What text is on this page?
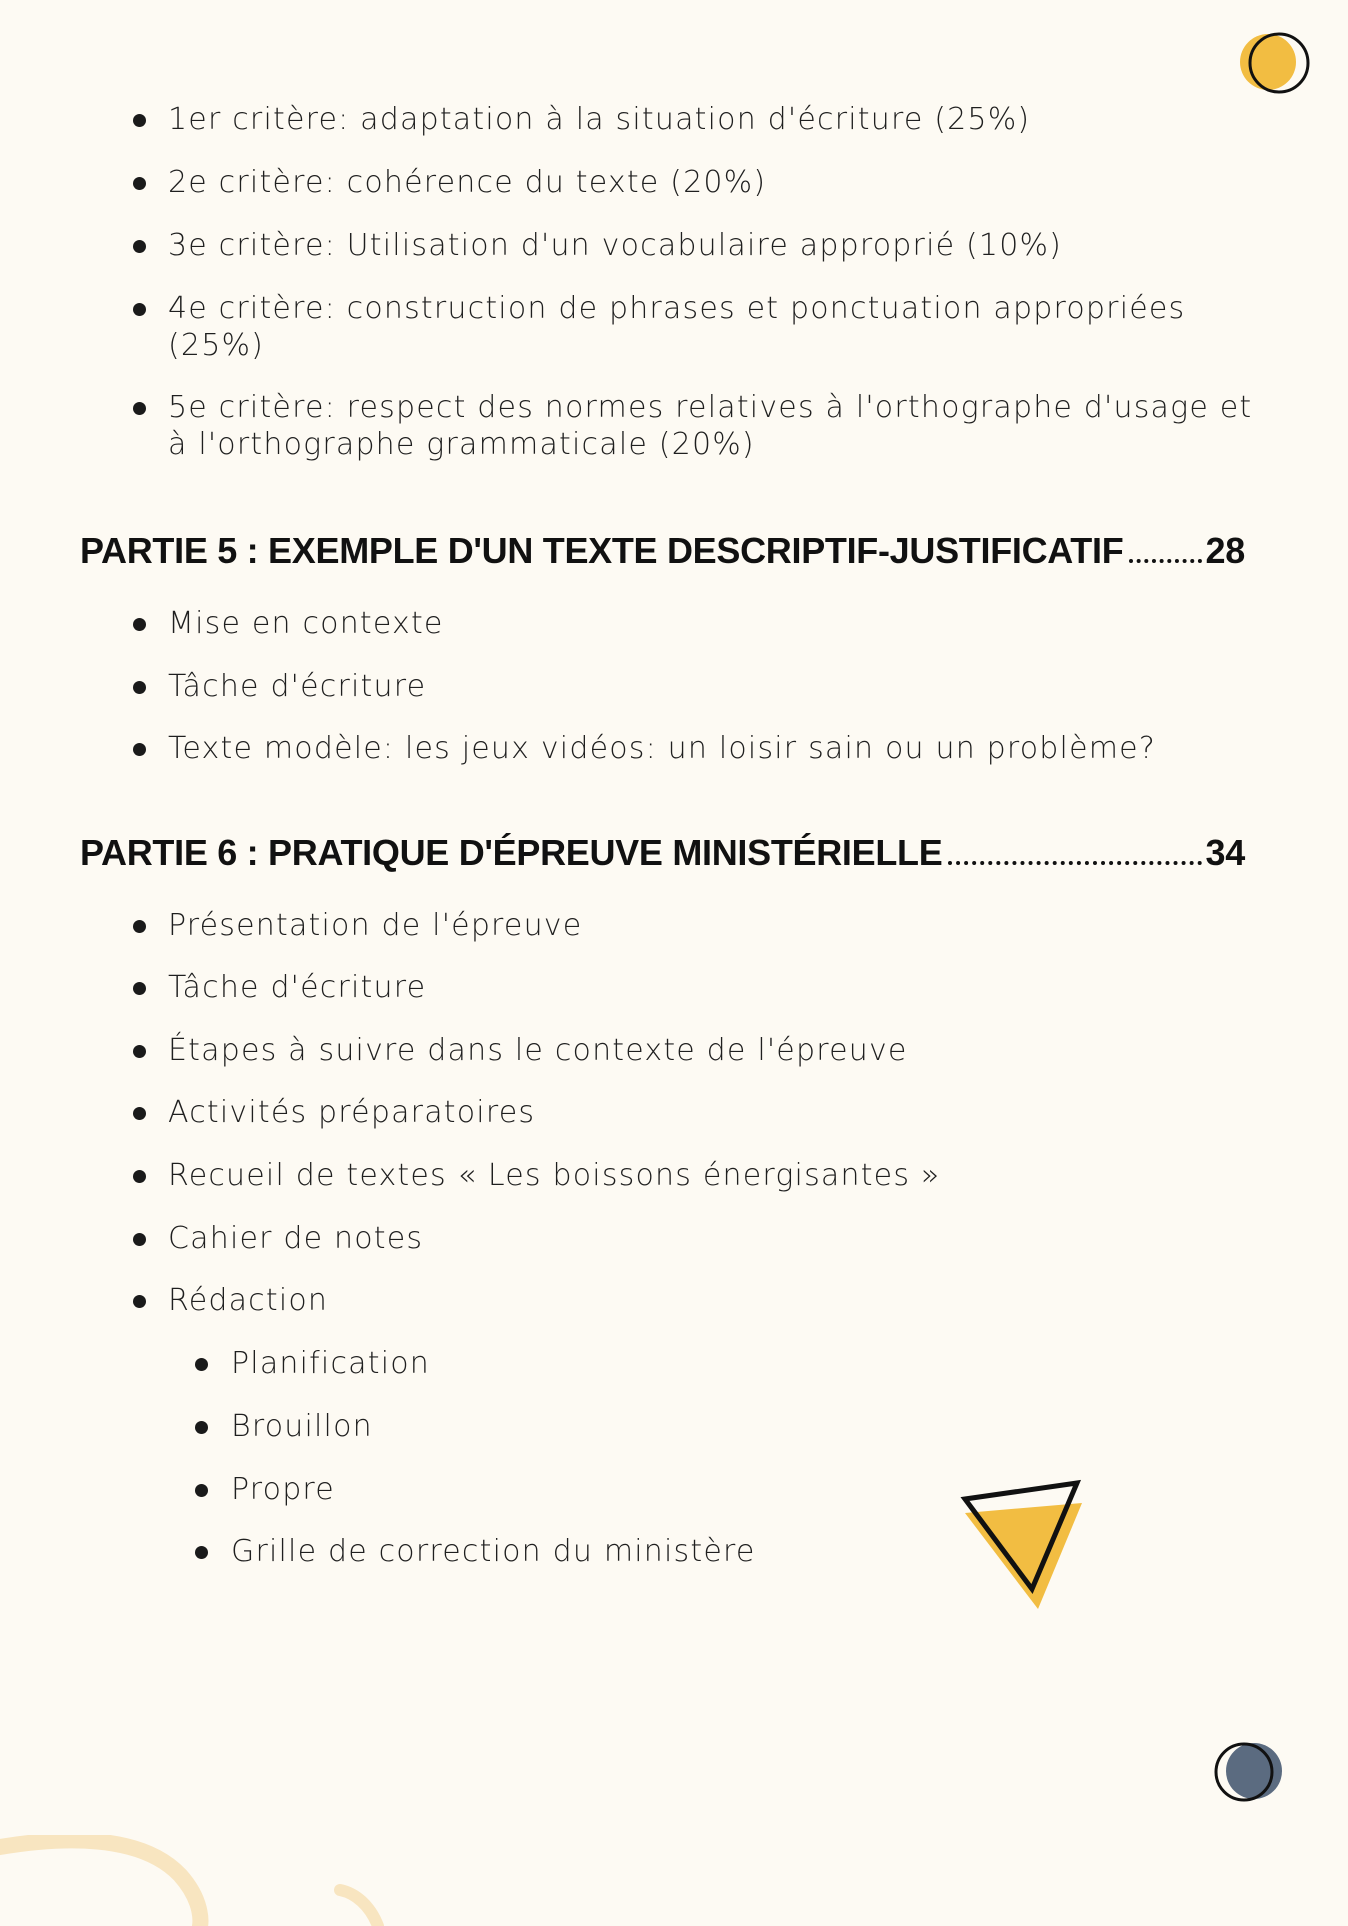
1er critère: adaptation à la situation d'écriture (25%)
2e critère: cohérence du texte (20%)
3e critère: Utilisation d'un vocabulaire approprié (10%)
4e critère: construction de phrases et ponctuation appropriées
(25%)
5e critère: respect des normes relatives à l'orthographe d'usage et
à l'orthographe grammaticale (20%)
PARTIE 5 : EXEMPLE D'UN TEXTE DESCRIPTIF-JUSTIFICATIF 28
Mise en contexte
Tâche d'écriture
Texte modèle: les jeux vidéos: un loisir sain ou un problème?
PARTIE 6 : PRATIQUE D'ÉPREUVE MINISTÉRIELLE	34
Présentation de l'épreuve
Tâche d'écriture
Étapes à suivre dans le contexte de l'épreuve
Activités préparatoires
Recueil de textes « Les boissons énergisantes »
Cahier de notes
Rédaction
Planification
Brouillon
Propre
Grille de correction du ministère
